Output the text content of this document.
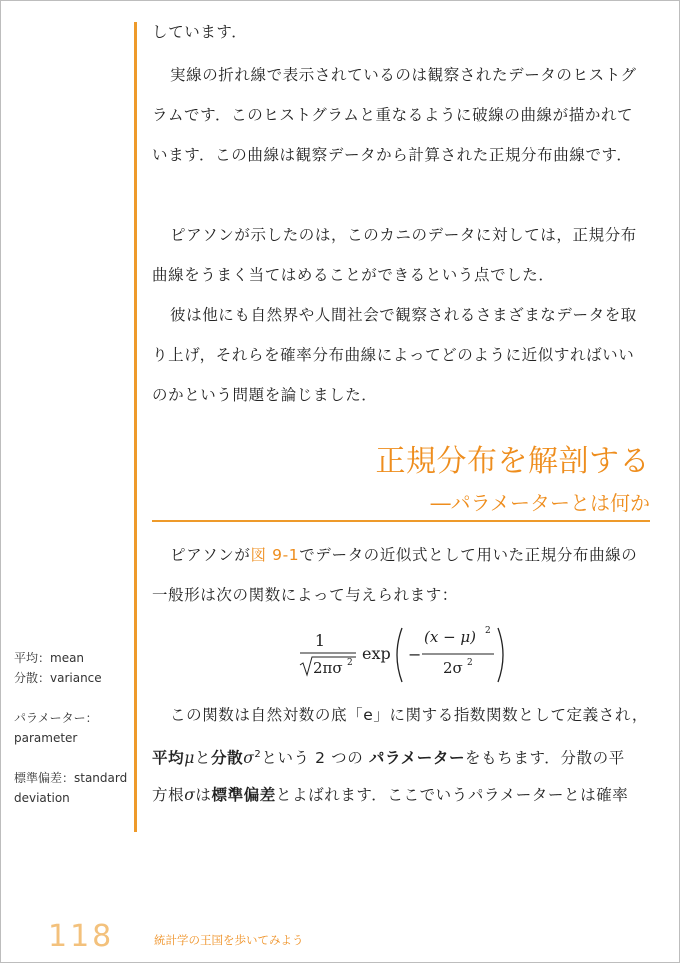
しています．
実線の折れ線で表示されているのは観察されたデータのヒストグ
ラムです．このヒストグラムと重なるように破線の曲線が描かれて
います．この曲線は観察データから計算された正規分布曲線です．
ピアソンが示したのは，このカニのデータに対しては，正規分布
曲線をうまく当てはめることができるという点でした．
彼は他にも自然界や人間社会で観察されるさまざまなデータを取
り上げ，それらを確率分布曲線によってどのように近似すればいい
のかという問題を論じました．
正規分布を解剖する
―パラメーターとは何か
ピアソンが図 9-1でデータの近似式として用いた正規分布曲線の
一般形は次の関数によって与えられます：
1
2πσ 2 exp −
(x − μ) 2
2σ 2
この関数は自然対数の底「e」に関する指数関数として定義され，
平均μと分散$\sigma^2$という 2 つの パラメーターをもちます．分散の平
方根σは標準偏差とよばれます．ここでいうパラメーターとは確率
平均：mean
分散：variance
パラメーター：
parameter
標準偏差：standard
deviation
118	統計学の王国を歩いてみよう
